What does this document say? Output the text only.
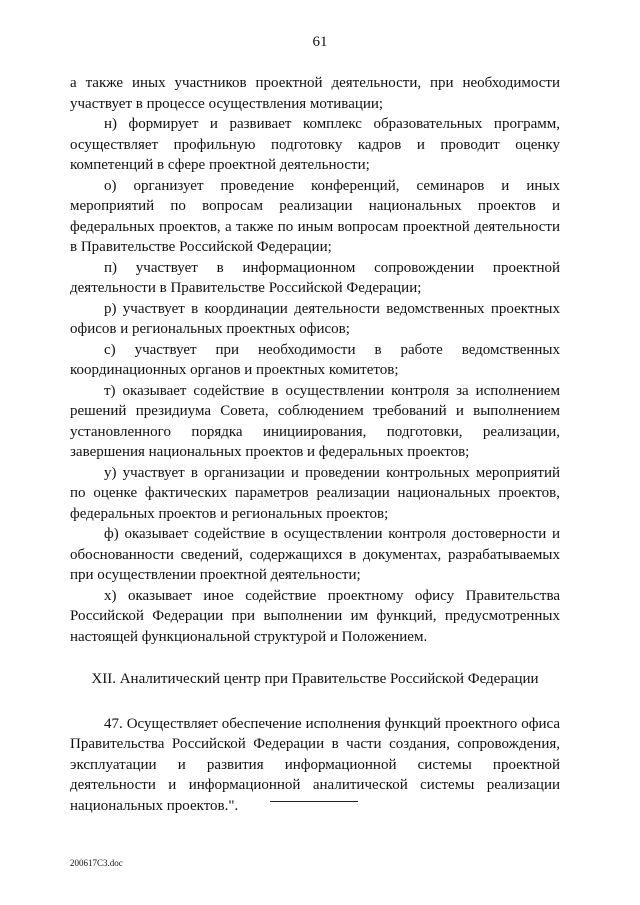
61

а также иных участников проектной деятельности, при необходимости участвует в процессе осуществления мотивации;

н) формирует и развивает комплекс образовательных программ, осуществляет профильную подготовку кадров и проводит оценку компетенций в сфере проектной деятельности;

о) организует проведение конференций, семинаров и иных мероприятий по вопросам реализации национальных проектов и федеральных проектов, а также по иным вопросам проектной деятельности в Правительстве Российской Федерации;

п) участвует в информационном сопровождении проектной деятельности в Правительстве Российской Федерации;

р) участвует в координации деятельности ведомственных проектных офисов и региональных проектных офисов;

с) участвует при необходимости в работе ведомственных координационных органов и проектных комитетов;

т) оказывает содействие в осуществлении контроля за исполнением решений президиума Совета, соблюдением требований и выполнением установленного порядка инициирования, подготовки, реализации, завершения национальных проектов и федеральных проектов;

у) участвует в организации и проведении контрольных мероприятий по оценке фактических параметров реализации национальных проектов, федеральных проектов и региональных проектов;

ф) оказывает содействие в осуществлении контроля достоверности и обоснованности сведений, содержащихся в документах, разрабатываемых при осуществлении проектной деятельности;

х) оказывает иное содействие проектному офису Правительства Российской Федерации при выполнении им функций, предусмотренных настоящей функциональной структурой и Положением.

XII. Аналитический центр при Правительстве Российской Федерации

47. Осуществляет обеспечение исполнения функций проектного офиса Правительства Российской Федерации в части создания, сопровождения, эксплуатации и развития информационной системы проектной деятельности и информационной аналитической системы реализации национальных проектов.".

200617C3.doc
